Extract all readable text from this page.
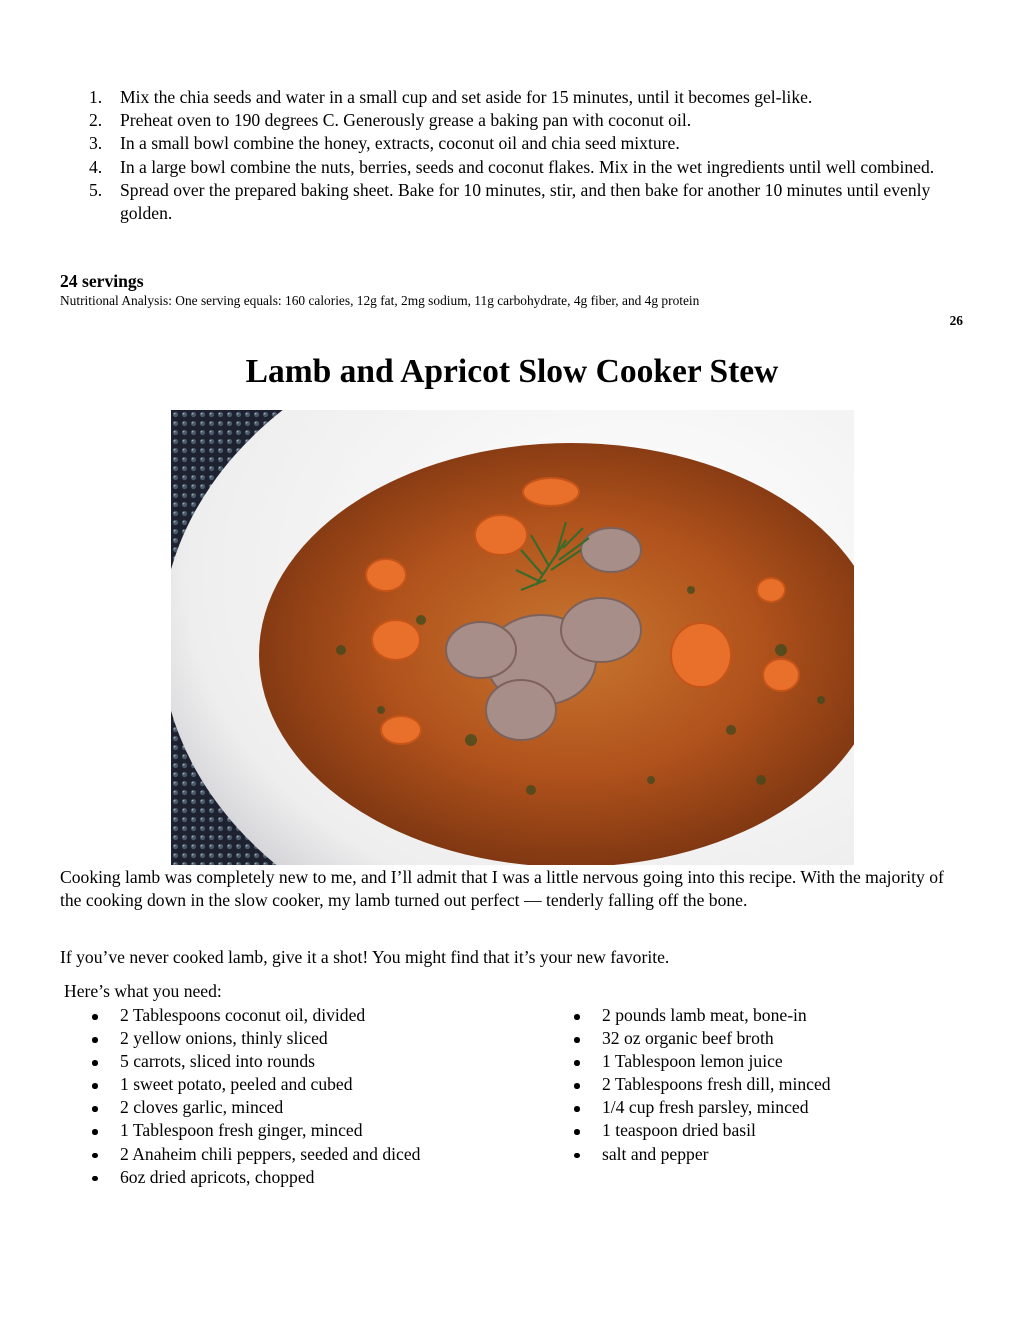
1. Mix the chia seeds and water in a small cup and set aside for 15 minutes, until it becomes gel-like.
2. Preheat oven to 190 degrees C. Generously grease a baking pan with coconut oil.
3. In a small bowl combine the honey, extracts, coconut oil and chia seed mixture.
4. In a large bowl combine the nuts, berries, seeds and coconut flakes. Mix in the wet ingredients until well combined.
5. Spread over the prepared baking sheet. Bake for 10 minutes, stir, and then bake for another 10 minutes until evenly golden.
24 servings
Nutritional Analysis: One serving equals: 160 calories, 12g fat, 2mg sodium, 11g carbohydrate, 4g fiber, and 4g protein
26
Lamb and Apricot Slow Cooker Stew

Cooking lamb was completely new to me, and I’ll admit that I was a little nervous going into this recipe. With the majority of the cooking down in the slow cooker, my lamb turned out perfect — tenderly falling off the bone.

If you’ve never cooked lamb, give it a shot! You might find that it’s your new favorite.

Here’s what you need:
2 Tablespoons coconut oil, divided
2 yellow onions, thinly sliced
5 carrots, sliced into rounds
1 sweet potato, peeled and cubed
2 cloves garlic, minced
1 Tablespoon fresh ginger, minced
2 Anaheim chili peppers, seeded and diced
6oz dried apricots, chopped
2 pounds lamb meat, bone-in
32 oz organic beef broth
1 Tablespoon lemon juice
2 Tablespoons fresh dill, minced
1/4 cup fresh parsley, minced
1 teaspoon dried basil
salt and pepper
